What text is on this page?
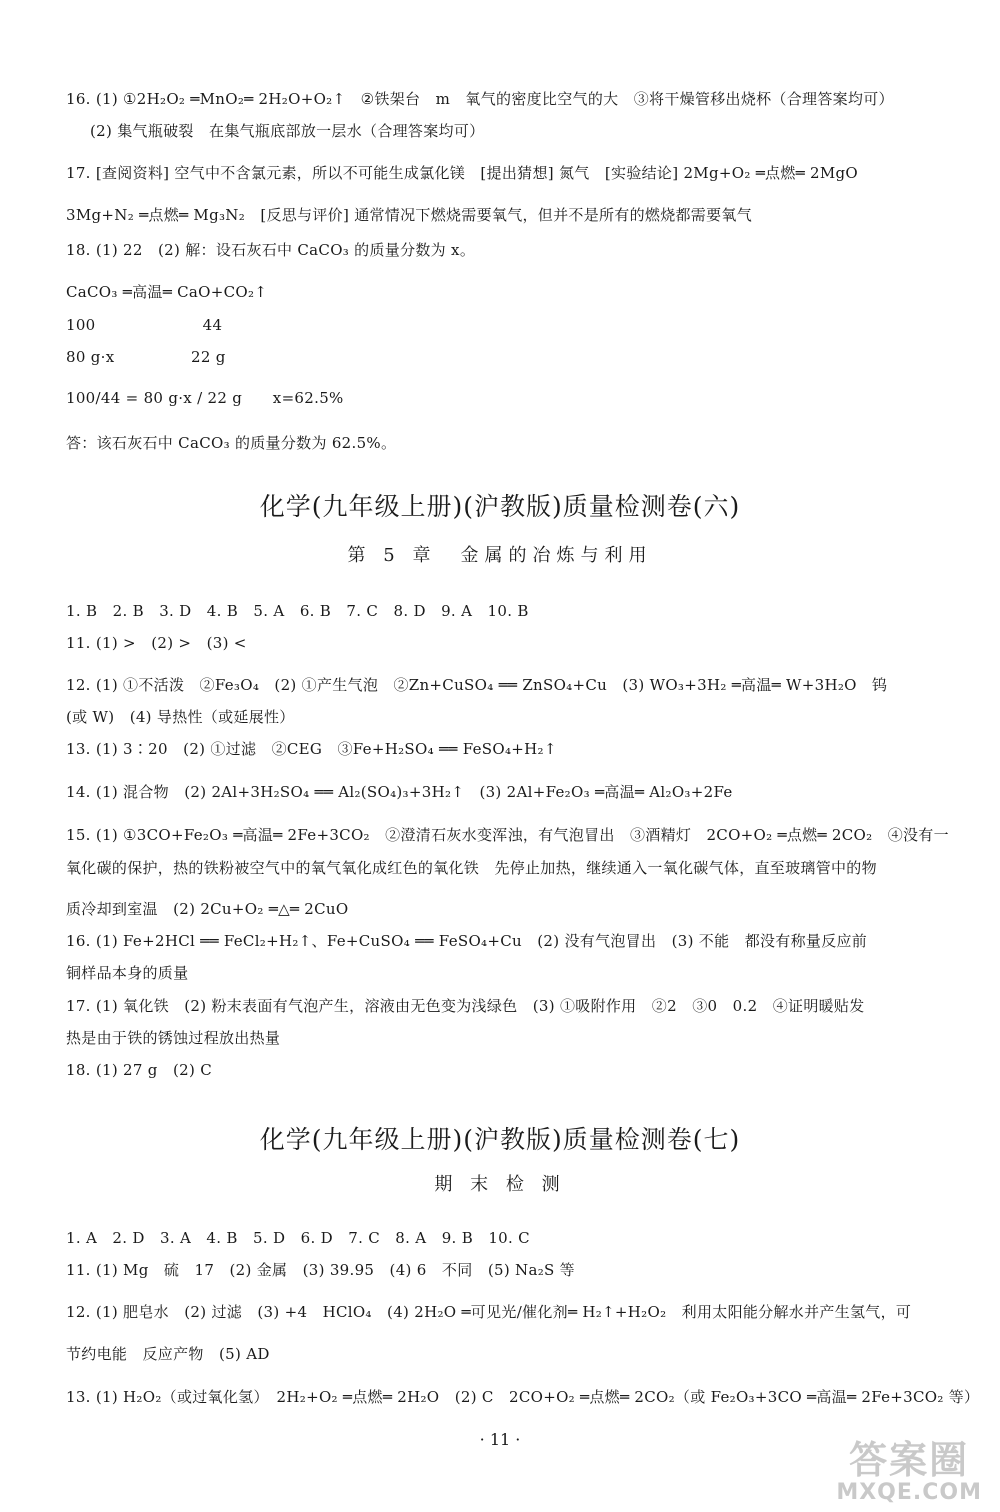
16. (1) ①2H₂O₂ ═MnO₂═ 2H₂O+O₂↑　②铁架台　m　氧气的密度比空气的大　③将干燥管移出烧杯（合理答案均可）
(2) 集气瓶破裂　在集气瓶底部放一层水（合理答案均可）
17. [查阅资料] 空气中不含氯元素，所以不可能生成氯化镁　[提出猜想] 氮气　[实验结论] 2Mg+O₂ ═点燃═ 2MgO
3Mg+N₂ ═点燃═ Mg₃N₂　[反思与评价] 通常情况下燃烧需要氧气，但并不是所有的燃烧都需要氧气
18. (1) 22　(2) 解：设石灰石中 CaCO₃ 的质量分数为 x。
CaCO₃ ═高温═ CaO+CO₂↑
100　　　　　　　44
80 g·x　　　　　22 g
100/44 = 80 g·x / 22 g　　x=62.5%
答：该石灰石中 CaCO₃ 的质量分数为 62.5%。
化学(九年级上册)(沪教版)质量检测卷(六)
第 5 章　金属的冶炼与利用
1. B　2. B　3. D　4. B　5. A　6. B　7. C　8. D　9. A　10. B
11. (1) >　(2) >　(3) <
12. (1) ①不活泼　②Fe₃O₄　(2) ①产生气泡　②Zn+CuSO₄ ══ ZnSO₄+Cu　(3) WO₃+3H₂ ═高温═ W+3H₂O　钨
(或 W)　(4) 导热性（或延展性）
13. (1) 3∶20　(2) ①过滤　②CEG　③Fe+H₂SO₄ ══ FeSO₄+H₂↑
14. (1) 混合物　(2) 2Al+3H₂SO₄ ══ Al₂(SO₄)₃+3H₂↑　(3) 2Al+Fe₂O₃ ═高温═ Al₂O₃+2Fe
15. (1) ①3CO+Fe₂O₃ ═高温═ 2Fe+3CO₂　②澄清石灰水变浑浊，有气泡冒出　③酒精灯　2CO+O₂ ═点燃═ 2CO₂　④没有一
氧化碳的保护，热的铁粉被空气中的氧气氧化成红色的氧化铁　先停止加热，继续通入一氧化碳气体，直至玻璃管中的物
质冷却到室温　(2) 2Cu+O₂ ═△═ 2CuO
16. (1) Fe+2HCl ══ FeCl₂+H₂↑、Fe+CuSO₄ ══ FeSO₄+Cu　(2) 没有气泡冒出　(3) 不能　都没有称量反应前
铜样品本身的质量
17. (1) 氧化铁　(2) 粉末表面有气泡产生，溶液由无色变为浅绿色　(3) ①吸附作用　②2　③0　0.2　④证明暖贴发
热是由于铁的锈蚀过程放出热量
18. (1) 27 g　(2) C
化学(九年级上册)(沪教版)质量检测卷(七)
期 末 检 测
1. A　2. D　3. A　4. B　5. D　6. D　7. C　8. A　9. B　10. C
11. (1) Mg　硫　17　(2) 金属　(3) 39.95　(4) 6　不同　(5) Na₂S 等
12. (1) 肥皂水　(2) 过滤　(3) +4　HClO₄　(4) 2H₂O ═可见光/催化剂═ H₂↑+H₂O₂　利用太阳能分解水并产生氢气，可
节约电能　反应产物　(5) AD
13. (1) H₂O₂（或过氧化氢）　2H₂+O₂ ═点燃═ 2H₂O　(2) C　2CO+O₂ ═点燃═ 2CO₂（或 Fe₂O₃+3CO ═高温═ 2Fe+3CO₂ 等）
· 11 ·	答案圈
MXQE.COM
